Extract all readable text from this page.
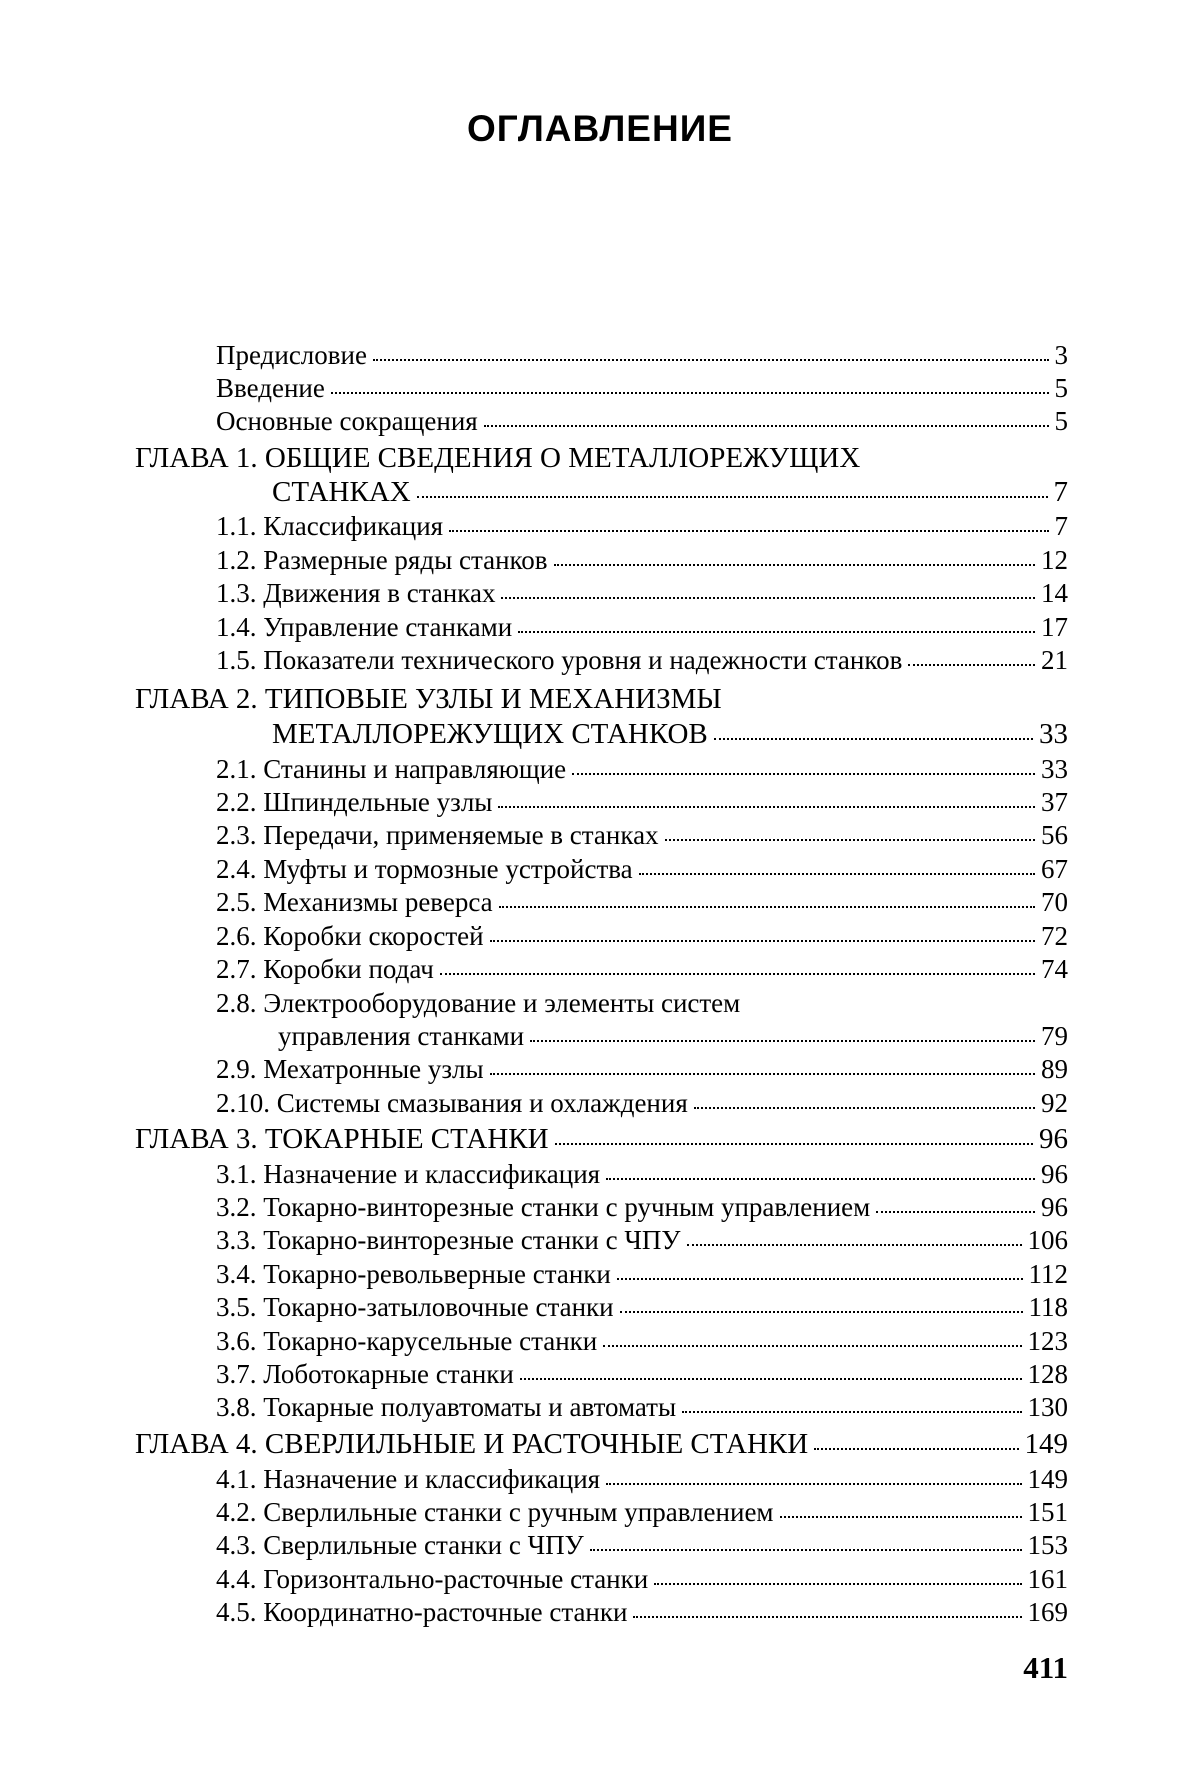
ОГЛАВЛЕНИЕ
Предисловие	3
Введение	5
Основные сокращения	5
ГЛАВА 1. ОБЩИЕ СВЕДЕНИЯ О МЕТАЛЛОРЕЖУЩИХ
СТАНКАХ	7
1.1. Классификация	7
1.2. Размерные ряды станков	12
1.3. Движения в станках	14
1.4. Управление станками	17
1.5. Показатели технического уровня и надежности станков	21
ГЛАВА 2. ТИПОВЫЕ УЗЛЫ И МЕХАНИЗМЫ
МЕТАЛЛОРЕЖУЩИХ СТАНКОВ	33
2.1. Станины и направляющие	33
2.2. Шпиндельные узлы	37
2.3. Передачи, применяемые в станках	56
2.4. Муфты и тормозные устройства	67
2.5. Механизмы реверса	70
2.6. Коробки скоростей	72
2.7. Коробки подач	74
2.8. Электрооборудование и элементы систем
управления станками	79
2.9. Мехатронные узлы	89
2.10. Системы смазывания и охлаждения	92
ГЛАВА 3. ТОКАРНЫЕ СТАНКИ	96
3.1. Назначение и классификация	96
3.2. Токарно-винторезные станки с ручным управлением	96
3.3. Токарно-винторезные станки с ЧПУ	106
3.4. Токарно-револьверные станки	112
3.5. Токарно-затыловочные станки	118
3.6. Токарно-карусельные станки	123
3.7. Лоботокарные станки	128
3.8. Токарные полуавтоматы и автоматы	130
ГЛАВА 4. СВЕРЛИЛЬНЫЕ И РАСТОЧНЫЕ СТАНКИ	149
4.1. Назначение и классификация	149
4.2. Сверлильные станки с ручным управлением	151
4.3. Сверлильные станки с ЧПУ	153
4.4. Горизонтально-расточные станки	161
4.5. Координатно-расточные станки	169
411
